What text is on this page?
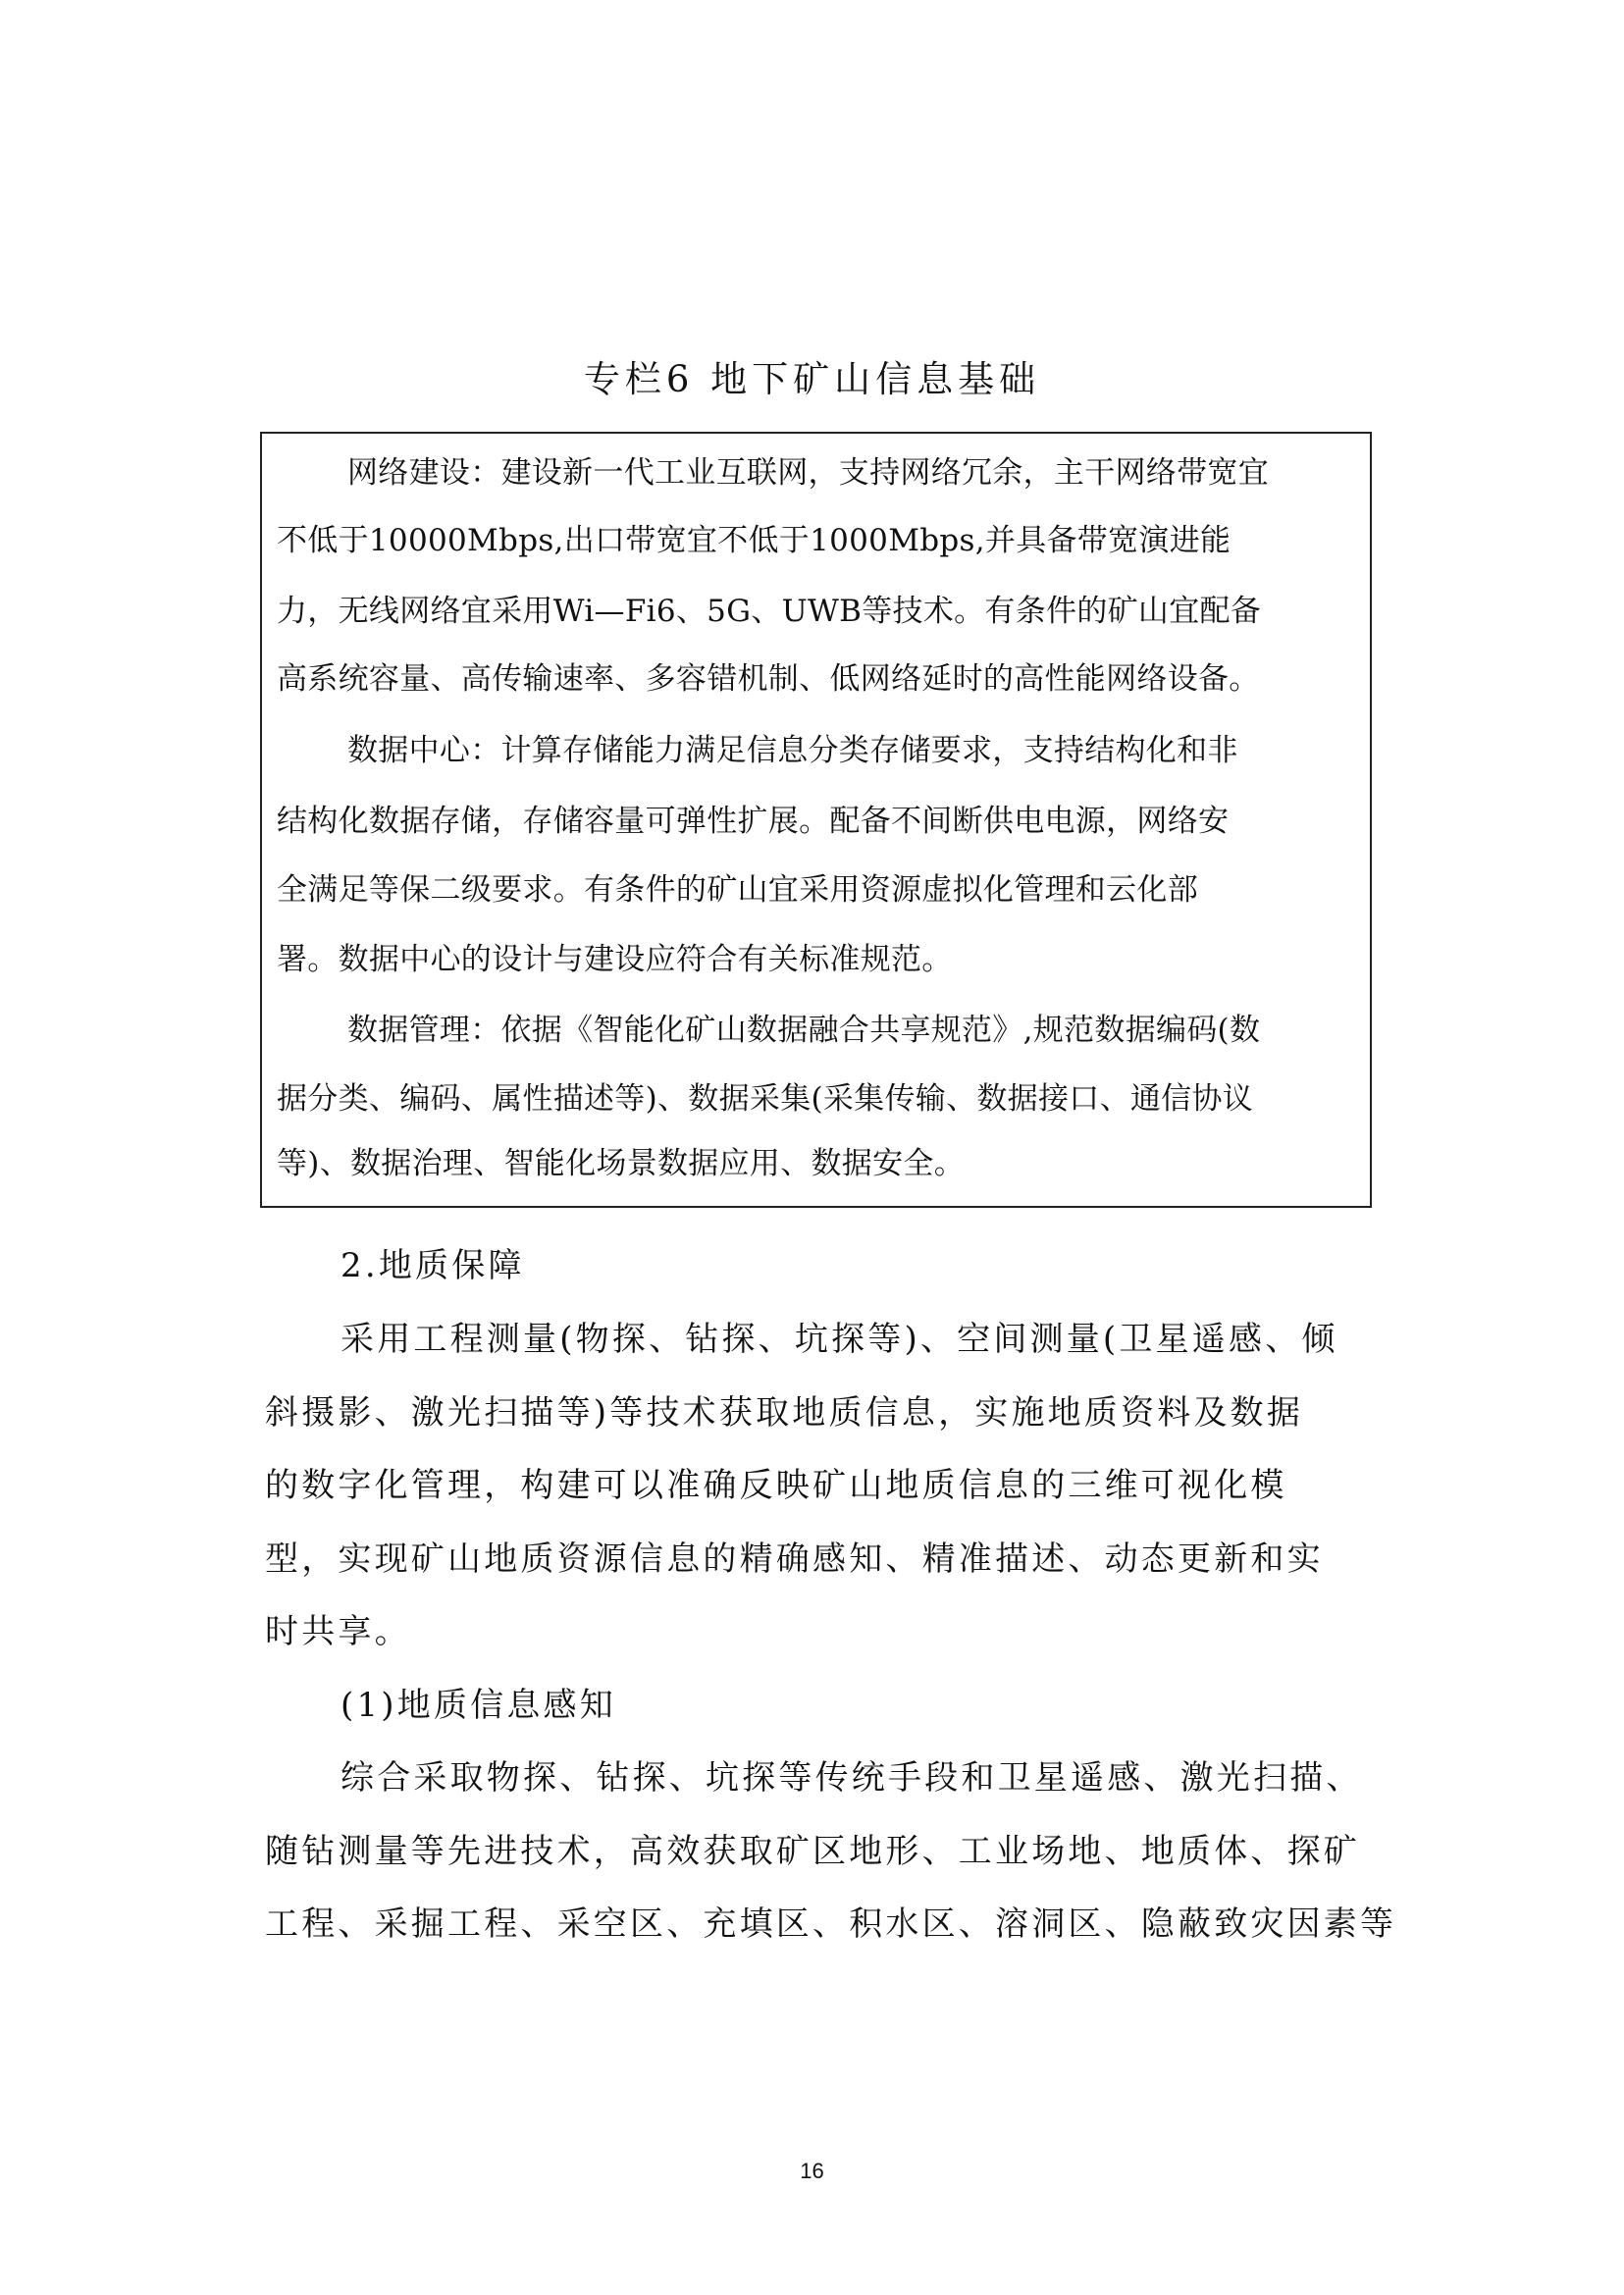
专栏6 地下矿山信息基础
网络建设：建设新一代工业互联网，支持网络冗余，主干网络带宽宜
不低于10000Mbps,出口带宽宜不低于1000Mbps,并具备带宽演进能
力，无线网络宜采用Wi—Fi6、5G、UWB等技术。有条件的矿山宜配备
高系统容量、高传输速率、多容错机制、低网络延时的高性能网络设备。
数据中心：计算存储能力满足信息分类存储要求，支持结构化和非
结构化数据存储，存储容量可弹性扩展。配备不间断供电电源，网络安
全满足等保二级要求。有条件的矿山宜采用资源虚拟化管理和云化部
署。数据中心的设计与建设应符合有关标准规范。
数据管理：依据《智能化矿山数据融合共享规范》,规范数据编码(数
据分类、编码、属性描述等)、数据采集(采集传输、数据接口、通信协议
等)、数据治理、智能化场景数据应用、数据安全。
2.地质保障
采用工程测量(物探、钻探、坑探等)、空间测量(卫星遥感、倾
斜摄影、激光扫描等)等技术获取地质信息，实施地质资料及数据
的数字化管理，构建可以准确反映矿山地质信息的三维可视化模
型，实现矿山地质资源信息的精确感知、精准描述、动态更新和实
时共享。
(1)地质信息感知
综合采取物探、钻探、坑探等传统手段和卫星遥感、激光扫描、
随钻测量等先进技术，高效获取矿区地形、工业场地、地质体、探矿
工程、采掘工程、采空区、充填区、积水区、溶洞区、隐蔽致灾因素等
16
